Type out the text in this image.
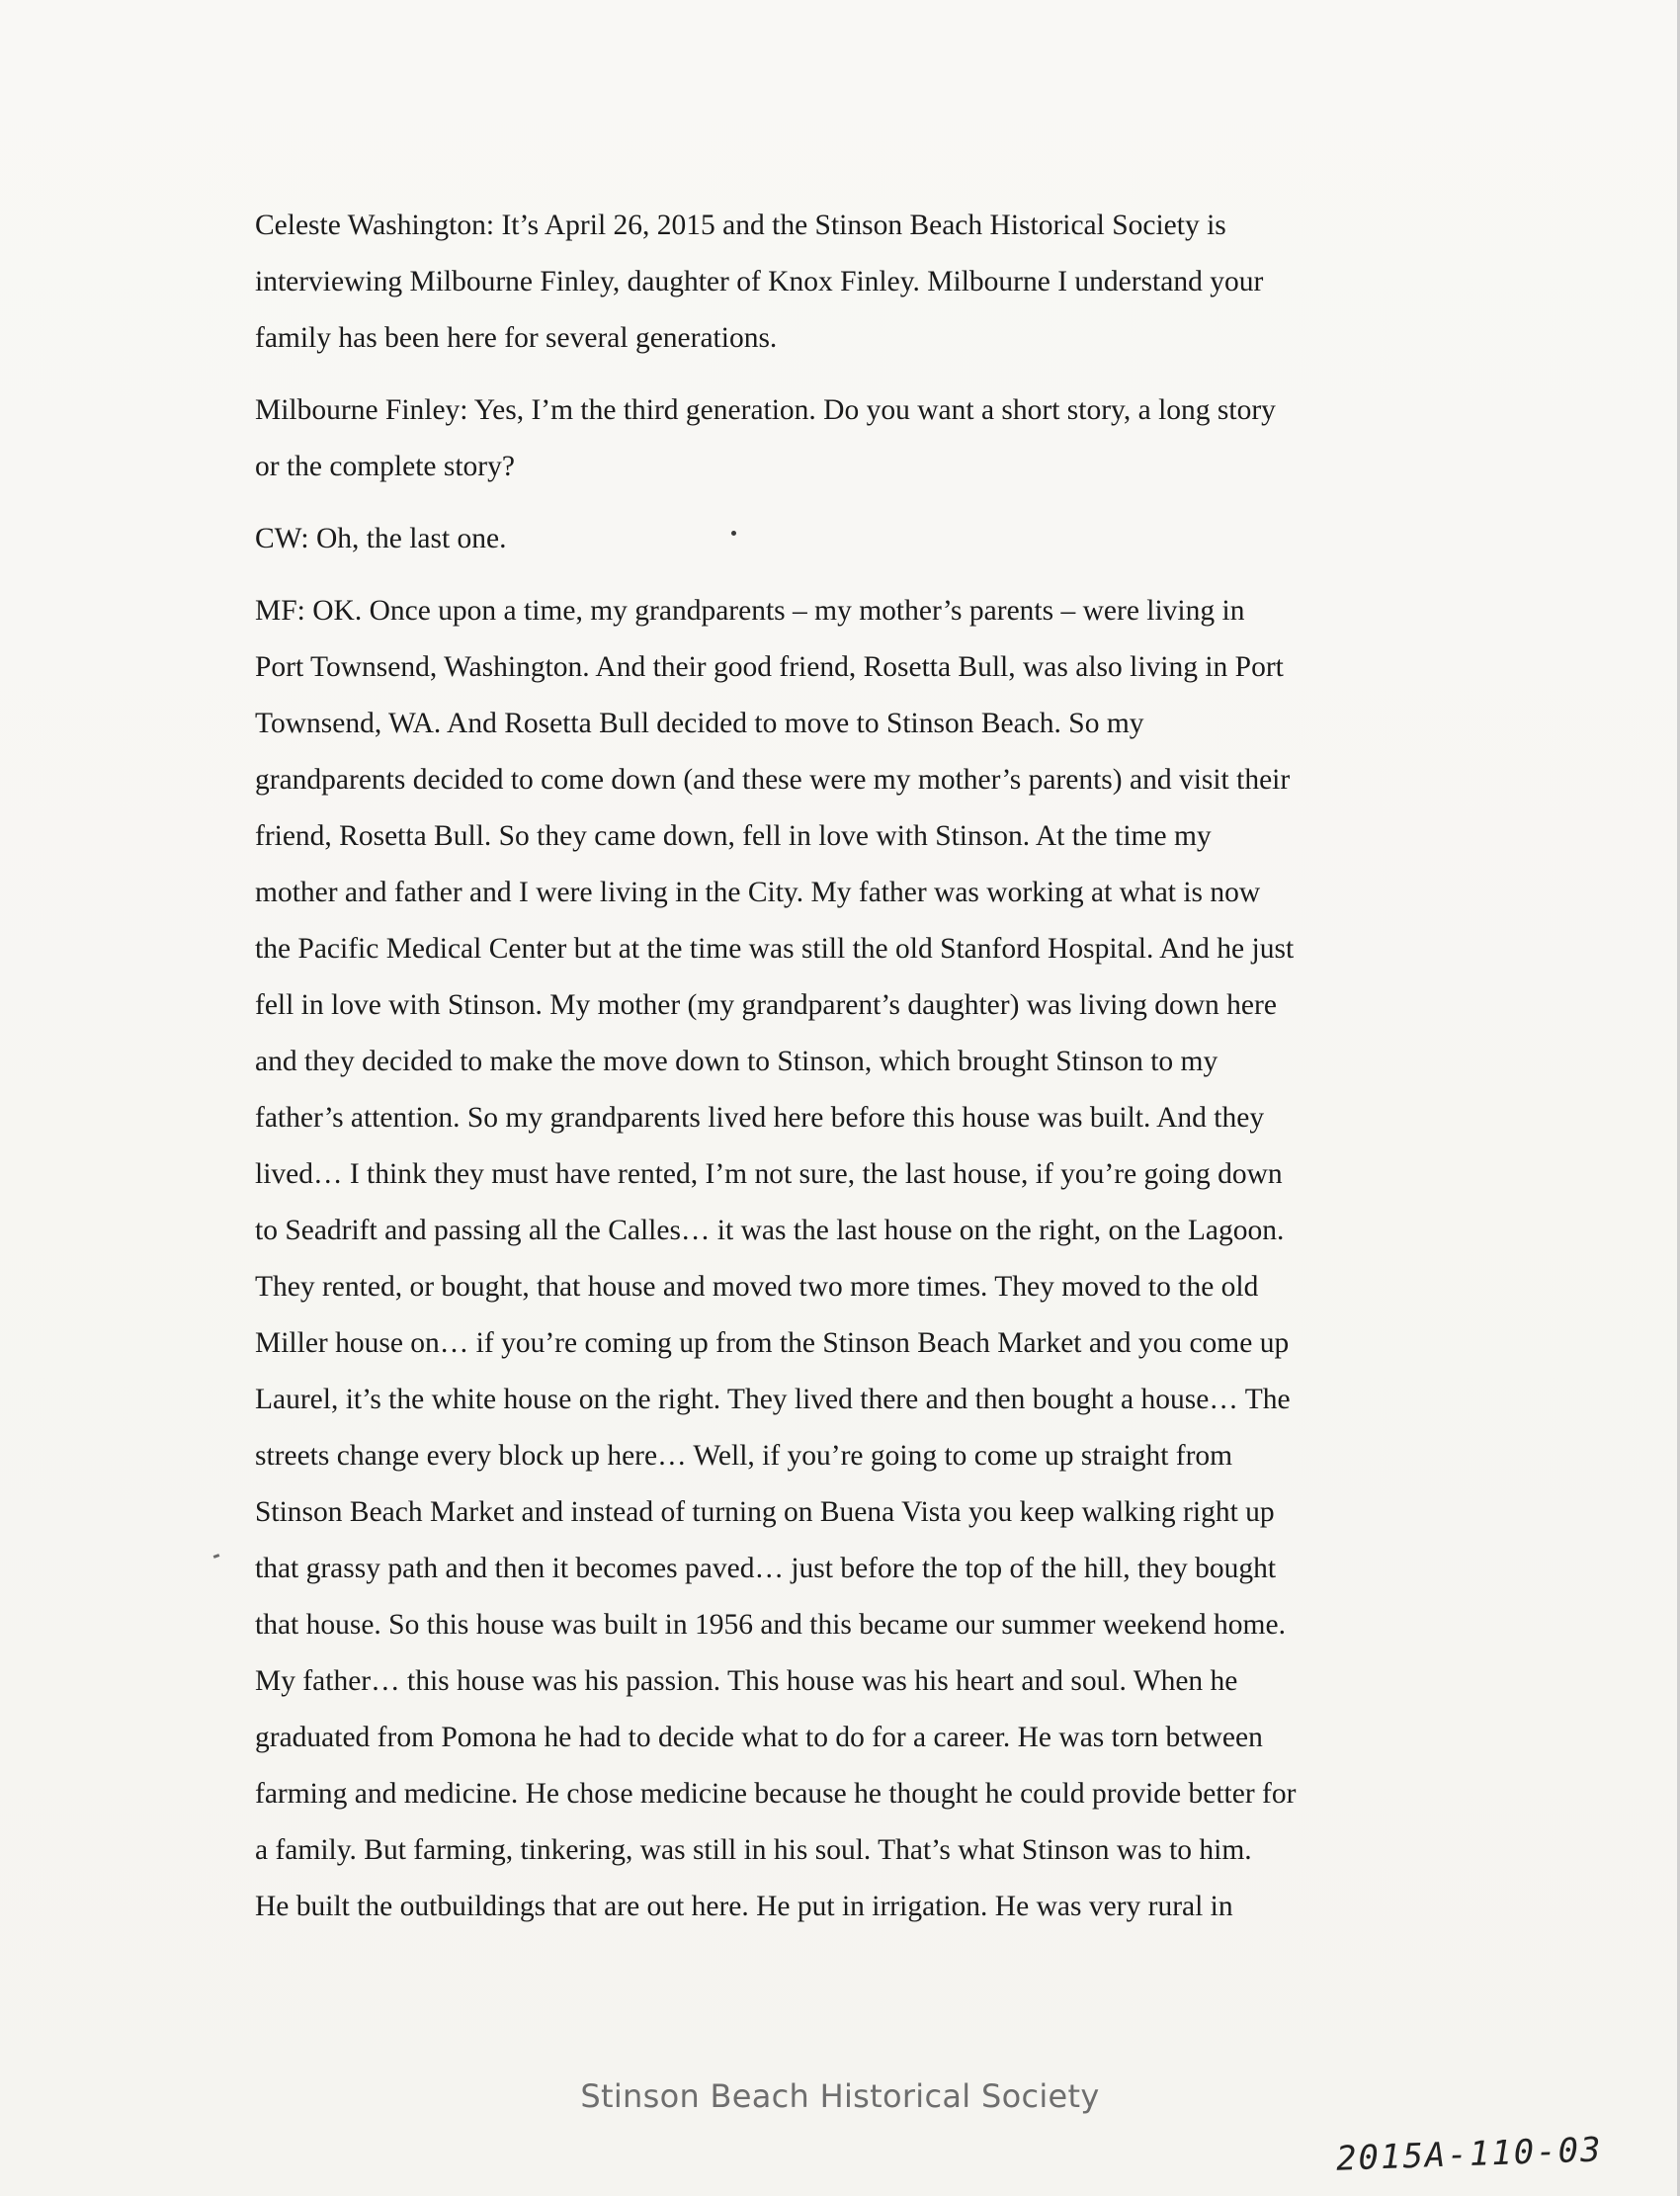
Celeste Washington: It’s April 26, 2015 and the Stinson Beach Historical Society is
interviewing Milbourne Finley, daughter of Knox Finley. Milbourne I understand your
family has been here for several generations.

Milbourne Finley: Yes, I’m the third generation. Do you want a short story, a long story
or the complete story?

CW: Oh, the last one.

MF: OK. Once upon a time, my grandparents – my mother’s parents – were living in
Port Townsend, Washington. And their good friend, Rosetta Bull, was also living in Port
Townsend, WA. And Rosetta Bull decided to move to Stinson Beach. So my
grandparents decided to come down (and these were my mother’s parents) and visit their
friend, Rosetta Bull. So they came down, fell in love with Stinson. At the time my
mother and father and I were living in the City. My father was working at what is now
the Pacific Medical Center but at the time was still the old Stanford Hospital. And he just
fell in love with Stinson. My mother (my grandparent’s daughter) was living down here
and they decided to make the move down to Stinson, which brought Stinson to my
father’s attention. So my grandparents lived here before this house was built. And they
lived… I think they must have rented, I’m not sure, the last house, if you’re going down
to Seadrift and passing all the Calles… it was the last house on the right, on the Lagoon.
They rented, or bought, that house and moved two more times. They moved to the old
Miller house on… if you’re coming up from the Stinson Beach Market and you come up
Laurel, it’s the white house on the right. They lived there and then bought a house… The
streets change every block up here… Well, if you’re going to come up straight from
Stinson Beach Market and instead of turning on Buena Vista you keep walking right up
that grassy path and then it becomes paved… just before the top of the hill, they bought
that house. So this house was built in 1956 and this became our summer weekend home.
My father… this house was his passion. This house was his heart and soul. When he
graduated from Pomona he had to decide what to do for a career. He was torn between
farming and medicine. He chose medicine because he thought he could provide better for
a family. But farming, tinkering, was still in his soul. That’s what Stinson was to him.
He built the outbuildings that are out here. He put in irrigation. He was very rural in

Stinson Beach Historical Society
2015A-110-03
